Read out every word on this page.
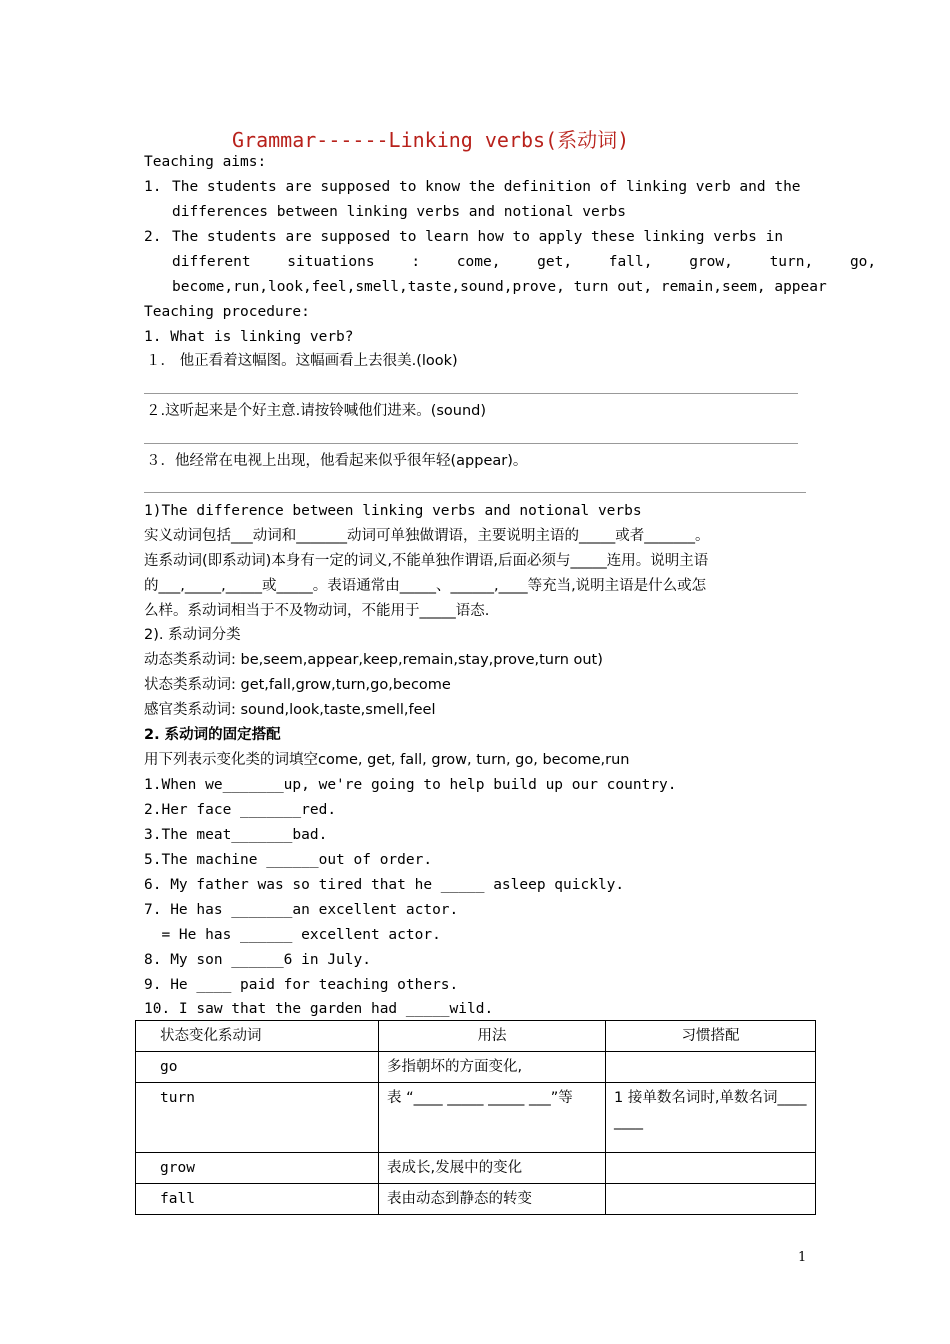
Grammar------Linking verbs(系动词)
Teaching aims:
1. The students are supposed to know the definition of linking verb and the
differences between linking verbs and notional verbs
2. The students are supposed to learn how to apply these linking verbs in
different situations : come, get, fall, grow, turn, go,
become,run,look,feel,smell,taste,sound,prove, turn out, remain,seem, appear
Teaching procedure:
1. What is linking verb?
１． 他正看着这幅图。这幅画看上去很美.(look)
２.这听起来是个好主意.请按铃喊他们进来。(sound)
３．他经常在电视上出现，他看起来似乎很年轻(appear)。
1)The difference between linking verbs and notional verbs
实义动词包括___动词和_______动词可单独做谓语，主要说明主语的_____或者_______。
连系动词(即系动词)本身有一定的词义,不能单独作谓语,后面必须与_____连用。说明主语
的___,_____,_____或_____。表语通常由_____、______,____等充当,说明主语是什么或怎
么样。系动词相当于不及物动词，不能用于_____语态.
2). 系动词分类
动态类系动词: be,seem,appear,keep,remain,stay,prove,turn out)
状态类系动词: get,fall,grow,turn,go,become
感官类系动词: sound,look,taste,smell,feel
2. 系动词的固定搭配
用下列表示变化类的词填空come, get, fall, grow, turn, go, become,run
1.When we_______up, we're going to help build up our country.
2.Her face _______red.
3.The meat_______bad.
5.The machine ______out of order.
6. My father was so tired that he _____ asleep quickly.
7. He has _______an excellent actor.
= He has ______ excellent actor.
8. My son ______6 in July.
9. He ____ paid for teaching others.
10. I saw that the garden had _____wild.
状态变化系动词	用法	习惯搭配
go	多指朝坏的方面变化,	
turn	表 “____ _____ _____ ___”等	1 接单数名词时,单数名词________
grow	表成长,发展中的变化	
fall	表由动态到静态的转变	
1
